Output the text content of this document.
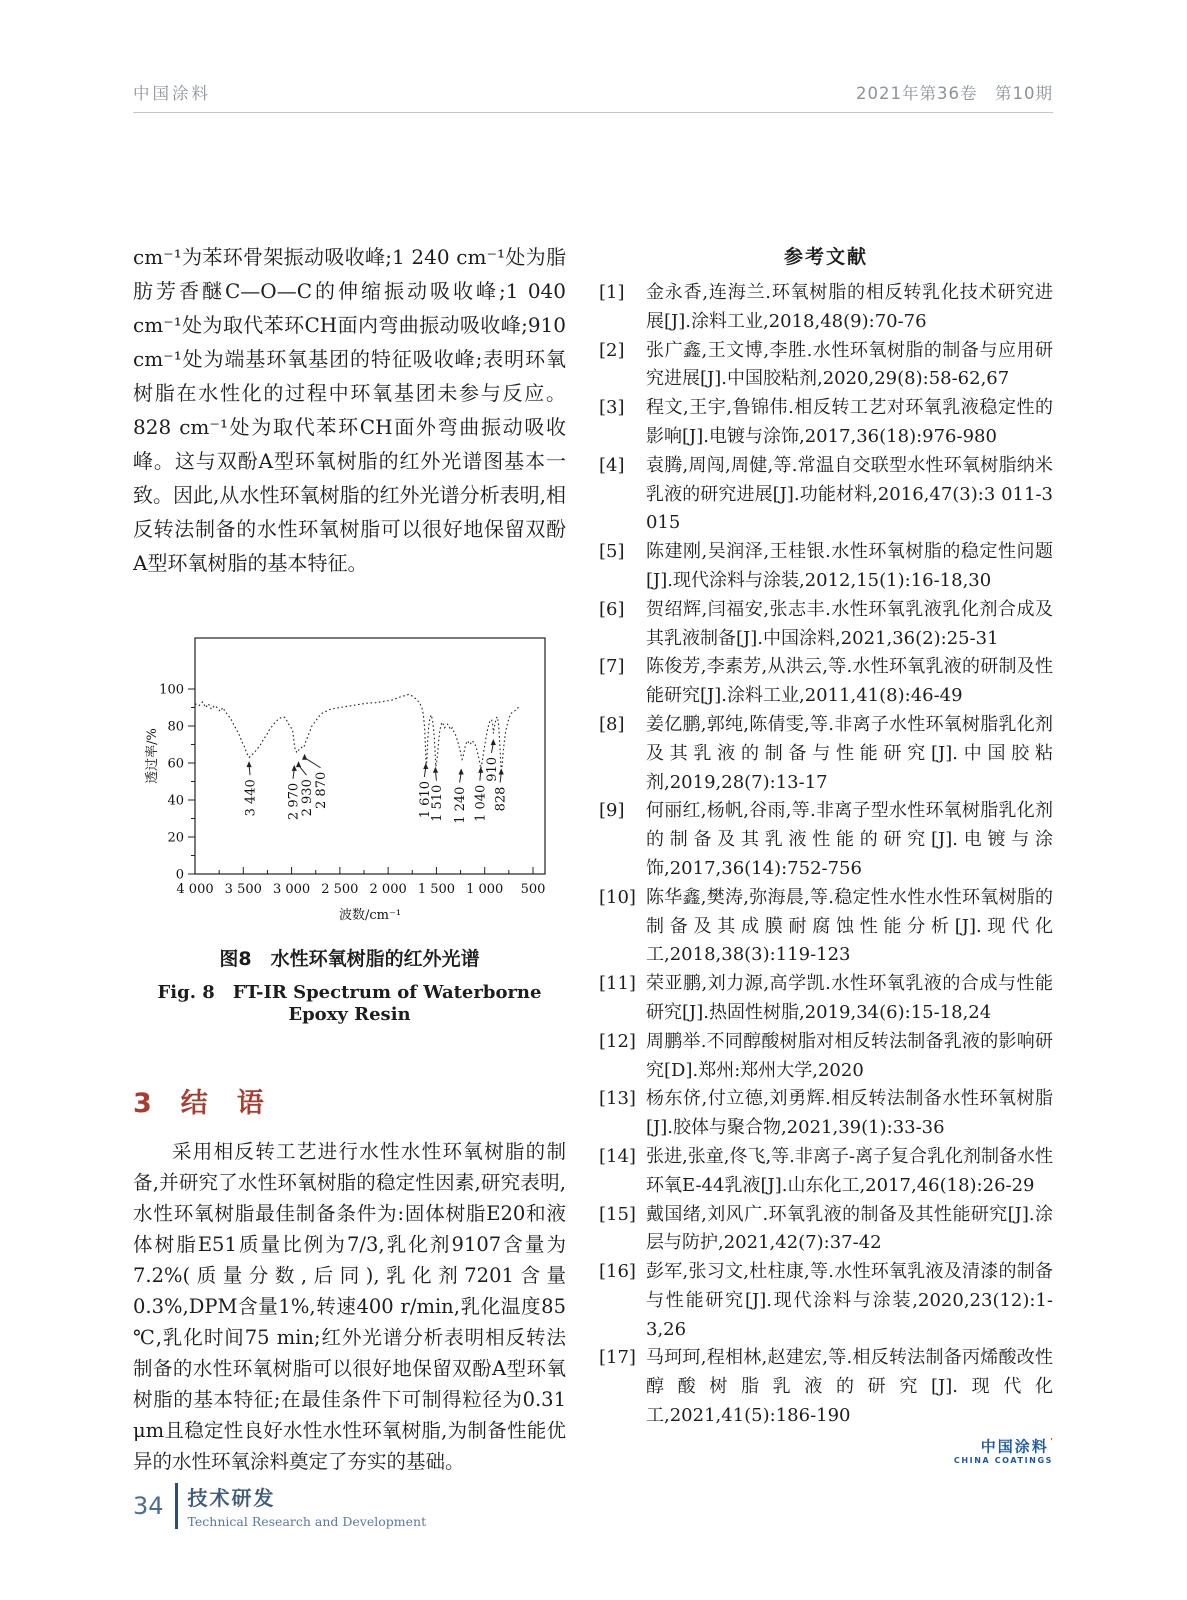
中国涂料	2021年第36卷　第10期

cm⁻¹为苯环骨架振动吸收峰;1 240 cm⁻¹处为脂肪芳香醚C—O—C的伸缩振动吸收峰;1 040 cm⁻¹处为取代苯环CH面内弯曲振动吸收峰;910 cm⁻¹处为端基环氧基团的特征吸收峰;表明环氧树脂在水性化的过程中环氧基团未参与反应。828 cm⁻¹处为取代苯环CH面外弯曲振动吸收峰。这与双酚A型环氧树脂的红外光谱图基本一致。因此,从水性环氧树脂的红外光谱分析表明,相反转法制备的水性环氧树脂可以很好地保留双酚A型环氧树脂的基本特征。

0
20
40
60
80
100
4 000 3 500 3 000 2 500 2 000 1 500 1 000 500
透过率/%
波数/cm⁻¹
3 440 2 970
2 930 2 870	1 610
1 510 1 240 1 040
910
828
图8　水性环氧树脂的红外光谱
Fig. 8　FT-IR Spectrum of Waterborne Epoxy Resin
3　结　语

采用相反转工艺进行水性水性环氧树脂的制备,并研究了水性环氧树脂的稳定性因素,研究表明,水性环氧树脂最佳制备条件为:固体树脂E20和液体树脂E51质量比例为7/3,乳化剂9107含量为7.2%(质量分数,后同),乳化剂7201含量0.3%,DPM含量1%,转速400 r/min,乳化温度85 ℃,乳化时间75 min;红外光谱分析表明相反转法制备的水性环氧树脂可以很好地保留双酚A型环氧树脂的基本特征;在最佳条件下可制得粒径为0.31 μm且稳定性良好水性水性环氧树脂,为制备性能优异的水性环氧涂料奠定了夯实的基础。

参考文献
[1]	金永香,连海兰.环氧树脂的相反转乳化技术研究进展[J].涂料工业,2018,48(9):70-76
[2]	张广鑫,王文博,李胜.水性环氧树脂的制备与应用研究进展[J].中国胶粘剂,2020,29(8):58-62,67
[3]	程文,王宇,鲁锦伟.相反转工艺对环氧乳液稳定性的影响[J].电镀与涂饰,2017,36(18):976-980
[4]	袁腾,周闯,周健,等.常温自交联型水性环氧树脂纳米乳液的研究进展[J].功能材料,2016,47(3):3 011-3 015
[5]	陈建刚,吴润泽,王桂银.水性环氧树脂的稳定性问题[J].现代涂料与涂装,2012,15(1):16-18,30
[6]	贺绍辉,闫福安,张志丰.水性环氧乳液乳化剂合成及其乳液制备[J].中国涂料,2021,36(2):25-31
[7]	陈俊芳,李素芳,从洪云,等.水性环氧乳液的研制及性能研究[J].涂料工业,2011,41(8):46-49
[8]	姜亿鹏,郭纯,陈倩雯,等.非离子水性环氧树脂乳化剂及其乳液的制备与性能研究[J].中国胶粘剂,2019,28(7):13-17
[9]	何丽红,杨帆,谷雨,等.非离子型水性环氧树脂乳化剂的制备及其乳液性能的研究[J].电镀与涂饰,2017,36(14):752-756
[10] 陈华鑫,樊涛,弥海晨,等.稳定性水性水性环氧树脂的制备及其成膜耐腐蚀性能分析[J].现代化工,2018,38(3):119-123
[11] 荣亚鹏,刘力源,高学凯.水性环氧乳液的合成与性能研究[J].热固性树脂,2019,34(6):15-18,24
[12] 周鹏举.不同醇酸树脂对相反转法制备乳液的影响研究[D].郑州:郑州大学,2020
[13] 杨东侪,付立德,刘勇辉.相反转法制备水性环氧树脂[J].胶体与聚合物,2021,39(1):33-36
[14] 张进,张童,佟飞,等.非离子-离子复合乳化剂制备水性环氧E-44乳液[J].山东化工,2017,46(18):26-29
[15] 戴国绪,刘风广.环氧乳液的制备及其性能研究[J].涂层与防护,2021,42(7):37-42
[16] 彭军,张习文,杜柱康,等.水性环氧乳液及清漆的制备与性能研究[J].现代涂料与涂装,2020,23(12):1-3,26
[17] 马珂珂,程相林,赵建宏,等.相反转法制备丙烯酸改性醇酸树脂乳液的研究[J].现代化工,2021,41(5):186-190
中国涂料’
CHINA COATINGS
34 技术研发
Technical Research and Development
